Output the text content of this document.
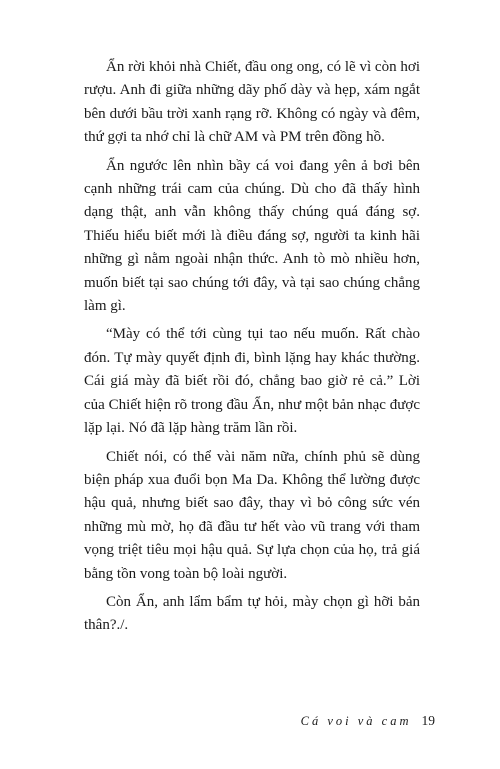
Ẩn rời khỏi nhà Chiết, đầu ong ong, có lẽ vì còn hơi rượu. Anh đi giữa những dãy phố dày và hẹp, xám ngắt bên dưới bầu trời xanh rạng rỡ. Không có ngày và đêm, thứ gợi ta nhớ chỉ là chữ AM và PM trên đồng hồ.

Ẩn ngước lên nhìn bầy cá voi đang yên ả bơi bên cạnh những trái cam của chúng. Dù cho đã thấy hình dạng thật, anh vẫn không thấy chúng quá đáng sợ. Thiếu hiểu biết mới là điều đáng sợ, người ta kinh hãi những gì nằm ngoài nhận thức. Anh tò mò nhiều hơn, muốn biết tại sao chúng tới đây, và tại sao chúng chẳng làm gì.

“Mày có thể tới cùng tụi tao nếu muốn. Rất chào đón. Tự mày quyết định đi, bình lặng hay khác thường. Cái giá mày đã biết rồi đó, chẳng bao giờ rẻ cả.” Lời của Chiết hiện rõ trong đầu Ẩn, như một bản nhạc được lặp lại. Nó đã lặp hàng trăm lần rồi.

Chiết nói, có thể vài năm nữa, chính phủ sẽ dùng biện pháp xua đuổi bọn Ma Da. Không thể lường được hậu quả, nhưng biết sao đây, thay vì bỏ công sức vén những mù mờ, họ đã đầu tư hết vào vũ trang với tham vọng triệt tiêu mọi hậu quả. Sự lựa chọn của họ, trả giá bằng tồn vong toàn bộ loài người.

Còn Ẩn, anh lẩm bẩm tự hỏi, mày chọn gì hỡi bản thân?./.

Cá voi và cam 19
